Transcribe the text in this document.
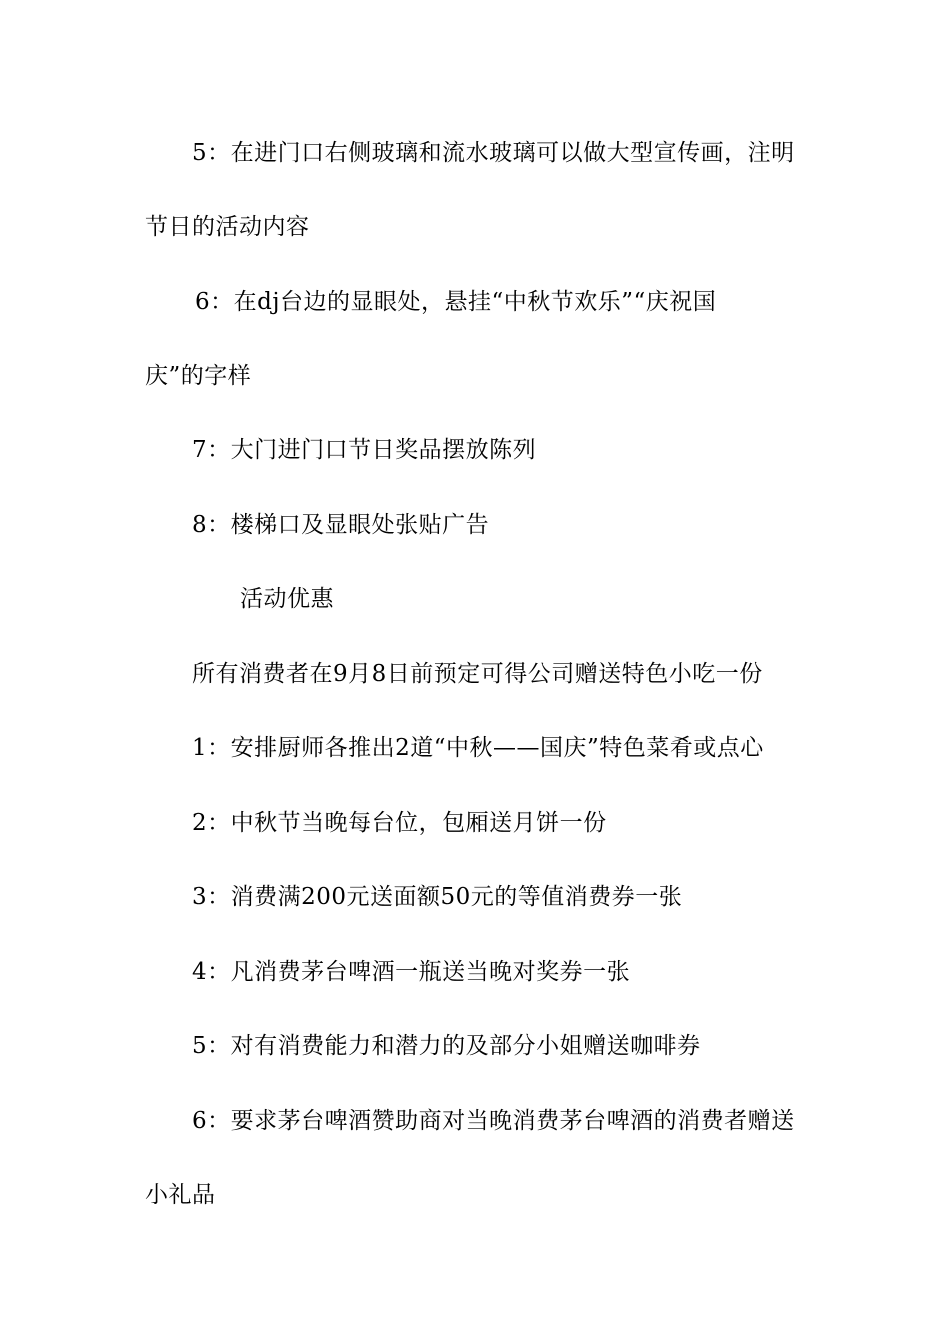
5：在进门口右侧玻璃和流水玻璃可以做大型宣传画，注明
节日的活动内容
6：在dj台边的显眼处，悬挂“中秋节欢乐”“庆祝国
庆”的字样
7：大门进门口节日奖品摆放陈列
8：楼梯口及显眼处张贴广告
活动优惠
所有消费者在9月8日前预定可得公司赠送特色小吃一份
1：安排厨师各推出2道“中秋——国庆”特色菜肴或点心
2：中秋节当晚每台位，包厢送月饼一份
3：消费满200元送面额50元的等值消费券一张
4：凡消费茅台啤酒一瓶送当晚对奖券一张
5：对有消费能力和潜力的及部分小姐赠送咖啡券
6：要求茅台啤酒赞助商对当晚消费茅台啤酒的消费者赠送
小礼品
